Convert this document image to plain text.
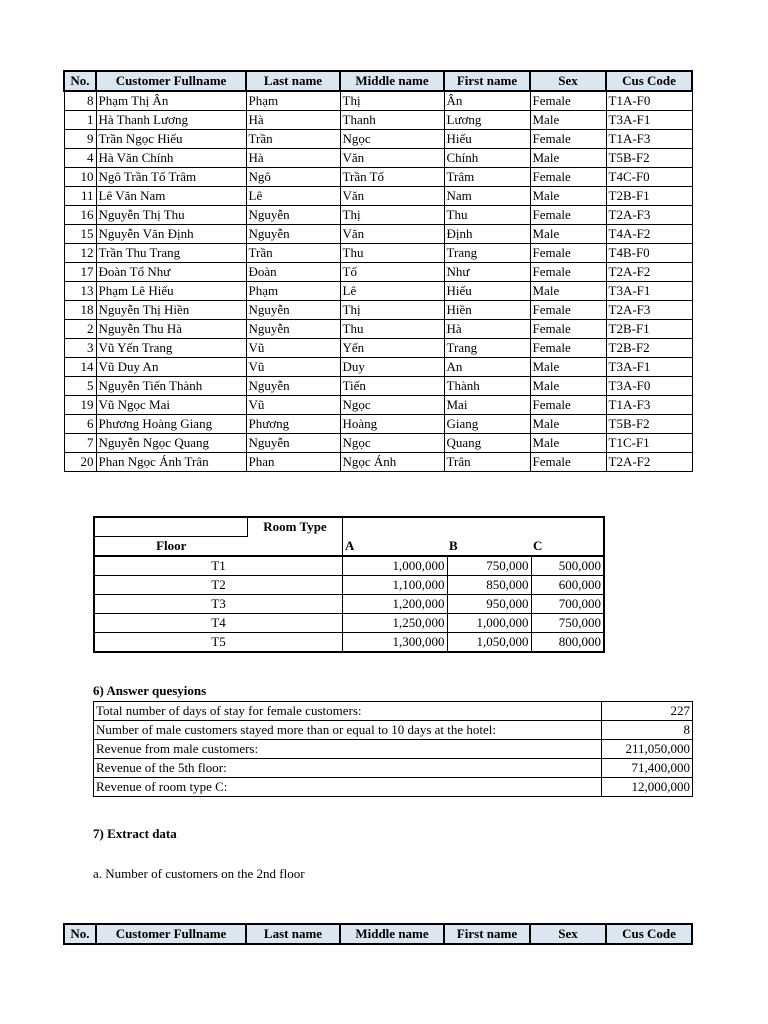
No.	Customer Fullname	Last name	Middle name	First name	Sex	Cus Code
8	Phạm Thị Ân	Phạm	Thị	Ân	Female	T1A-F0
1	Hà Thanh Lương	Hà	Thanh	Lương	Male	T3A-F1
9	Trần Ngọc Hiếu	Trần	Ngọc	Hiếu	Female	T1A-F3
4	Hà Văn Chính	Hà	Văn	Chính	Male	T5B-F2
10	Ngô Trần Tố Trâm	Ngô	Trần Tố	Trâm	Female	T4C-F0
11	Lê Văn Nam	Lê	Văn	Nam	Male	T2B-F1
16	Nguyễn Thị Thu	Nguyễn	Thị	Thu	Female	T2A-F3
15	Nguyễn Văn Định	Nguyễn	Văn	Định	Male	T4A-F2
12	Trần Thu Trang	Trần	Thu	Trang	Female	T4B-F0
17	Đoàn Tố Như	Đoàn	Tố	Như	Female	T2A-F2
13	Phạm Lê Hiếu	Phạm	Lê	Hiếu	Male	T3A-F1
18	Nguyễn Thị Hiền	Nguyễn	Thị	Hiền	Female	T2A-F3
2	Nguyễn Thu Hà	Nguyễn	Thu	Hà	Female	T2B-F1
3	Vũ Yến Trang	Vũ	Yến	Trang	Female	T2B-F2
14	Vũ Duy An	Vũ	Duy	An	Male	T3A-F1
5	Nguyễn Tiến Thành	Nguyễn	Tiến	Thành	Male	T3A-F0
19	Vũ Ngọc Mai	Vũ	Ngọc	Mai	Female	T1A-F3
6	Phương Hoàng Giang	Phương	Hoàng	Giang	Male	T5B-F2
7	Nguyễn Ngọc Quang	Nguyễn	Ngọc	Quang	Male	T1C-F1
20	Phan Ngọc Ánh Trân	Phan	Ngọc Ánh	Trân	Female	T2A-F2
	Room Type			
Floor		A	B	C
T1		1,000,000	750,000	500,000
T2		1,100,000	850,000	600,000
T3		1,200,000	950,000	700,000
T4		1,250,000	1,000,000	750,000
T5		1,300,000	1,050,000	800,000
6) Answer quesyions
Total number of days of stay for female customers:	227
Number of male customers stayed more than or equal to 10 days at the hotel:	8
Revenue from male customers:	211,050,000
Revenue of the 5th floor:	71,400,000
Revenue of room type C:	12,000,000
7) Extract data
a. Number of customers on the 2nd floor
No.	Customer Fullname	Last name	Middle name	First name	Sex	Cus Code
